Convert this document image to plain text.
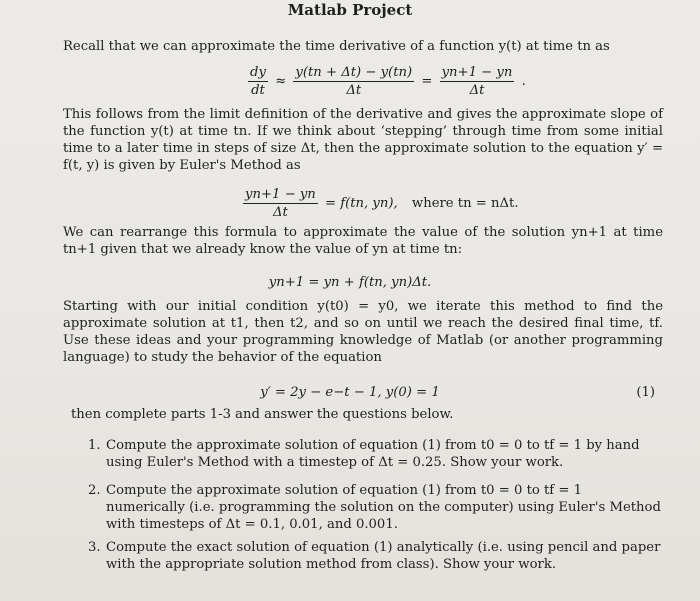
Matlab Project
Recall that we can approximate the time derivative of a function y(t) at time tn as
$\frac{dy}{dt} \approx \frac{y(tn + \Delta t) - y(tn)}{\Delta t} = \frac{yn+1 - yn}{\Delta t}$ .
This follows from the limit definition of the derivative and gives the approximate slope of the function y(t) at time tn. If we think about ‘stepping’ through time from some initial time to a later time in steps of size Δt, then the approximate solution to the equation y′ = f(t, y) is given by Euler's Method as
$\frac{yn+1 - yn}{\Delta t} = f(tn$, yn), where tn = nΔt.
We can rearrange this formula to approximate the value of the solution yn+1 at time tn+1 given that we already know the value of yn at time tn:
yn+1 = yn + f(tn, yn)Δt.
Starting with our initial condition y(t0) = y0, we iterate this method to find the approximate solution at t1, then t2, and so on until we reach the desired final time, tf. Use these ideas and your programming knowledge of Matlab (or another programming language) to study the behavior of the equation
y′ = 2y − e−t − 1, y(0) = 1	(1)
then complete parts 1-3 and answer the questions below.
1. Compute the approximate solution of equation (1) from t0 = 0 to tf = 1 by hand using Euler's Method with a timestep of Δt = 0.25. Show your work.
2. Compute the approximate solution of equation (1) from t0 = 0 to tf = 1 numerically (i.e. programming the solution on the computer) using Euler's Method with timesteps of Δt = 0.1, 0.01, and 0.001.
3. Compute the exact solution of equation (1) analytically (i.e. using pencil and paper with the appropriate solution method from class). Show your work.
